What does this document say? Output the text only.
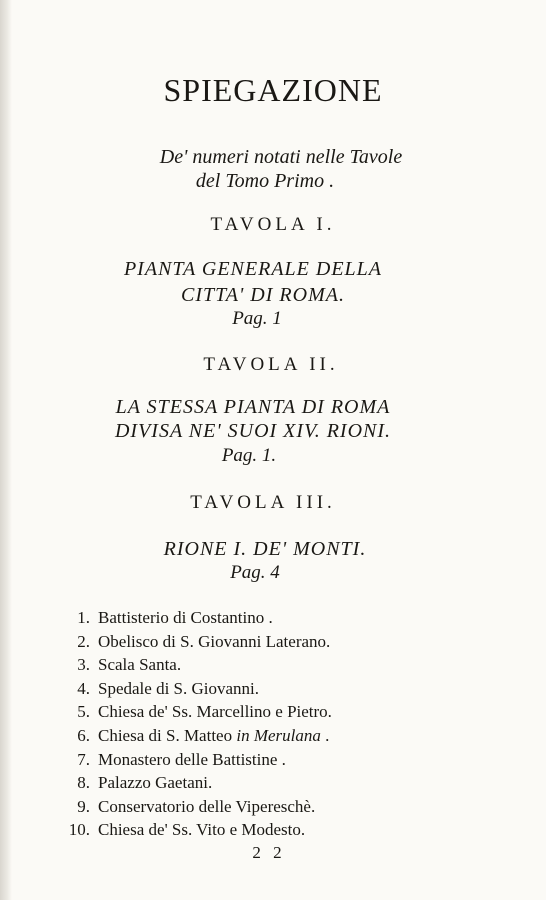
SPIEGAZIONE
De' numeri notati nelle Tavole
del Tomo Primo .
TAVOLA I.
PIANTA GENERALE DELLA
CITTA' DI ROMA.
Pag. 1
TAVOLA II.
LA STESSA PIANTA DI ROMA
DIVISA NE' SUOI XIV. RIONI.
Pag. 1.
TAVOLA III.
RIONE I. DE' MONTI.
Pag. 4
1. Battisterio di Costantino .
2. Obelisco di S. Giovanni Laterano.
3. Scala Santa.
4. Spedale di S. Giovanni.
5. Chiesa de' Ss. Marcellino e Pietro.
6. Chiesa di S. Matteo in Merulana .
7. Monastero delle Battistine .
8. Palazzo Gaetani.
9. Conservatorio delle Vipereschè.
10. Chiesa de' Ss. Vito e Modesto.
2 2
